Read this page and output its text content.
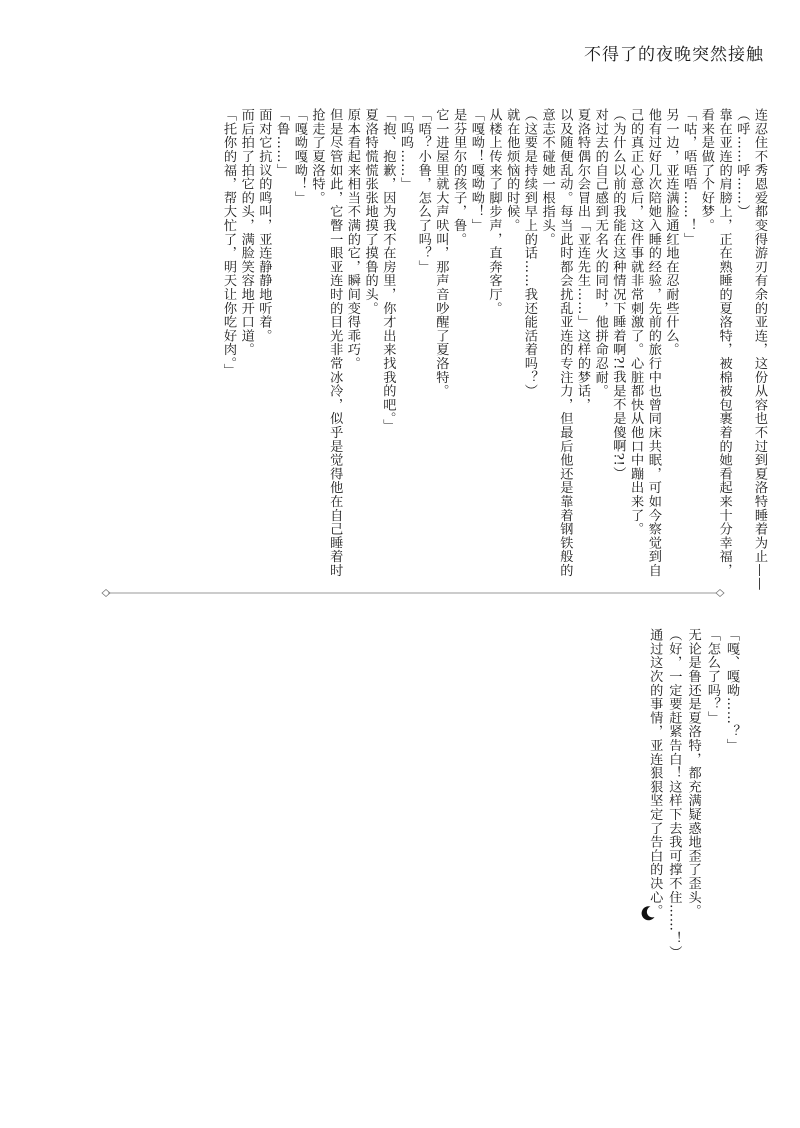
不得了的夜晚突然接触
连忍住不秀恩爱都变得游刃有余的亚连，这份从容也不过到夏洛特睡着为止——
（呼……呼……）
靠在亚连的肩膀上，正在熟睡的夏洛特，被棉被包裹着的她看起来十分幸福，
看来是做了个好梦。
「咕，唔唔唔……！」
另一边，亚连满脸通红地在忍耐些什么。
他有过好几次陪她入睡的经验，先前的旅行中也曾同床共眠，可如今察觉到自
己的真正心意后，这件事就非常刺激了。心脏都快从他口中蹦出来了。
（为什么以前的我能在这种情况下睡着啊?!我是不是傻啊?!）
对过去的自己感到无名火的同时，他拼命忍耐。
夏洛特偶尔会冒出「亚连先生……」这样的梦话，
以及随便乱动。每当此时都会扰乱亚连的专注力，但最后他还是靠着钢铁般的
意志不碰她一根指头。
（这要是持续到早上的话……我还能活着吗？）
就在他烦恼的时候。
从楼上传来了脚步声，直奔客厅。
「嘎呦！嘎呦呦！」
是芬里尔的孩子，鲁。
它一进屋里就大声吠叫，那声音吵醒了夏洛特。
「唔？小鲁，怎么了吗？」
「呜呜……」
「抱、抱歉，因为我不在房里，你才出来找我的吧。」
夏洛特慌慌张张地摸了摸鲁的头。
原本看起来相当不满的它，瞬间变得乖巧。
但是尽管如此，它瞥一眼亚连时的目光非常冰冷，似乎是觉得他在自己睡着时
抢走了夏洛特。
「嘎呦嘎呦！」
「鲁……」
面对它抗议的鸣叫，亚连静静地听着。
而后拍了拍它的头，满脸笑容地开口道。
「托你的福，帮大忙了，明天让你吃好肉。」
「嘎、嘎呦……？」
「怎么了吗？」
无论是鲁还是夏洛特，都充满疑惑地歪了歪头。
（好，一定要赶紧告白！这样下去我可撑不住……！）
通过这次的事情，亚连狠狠坚定了告白的决心。
